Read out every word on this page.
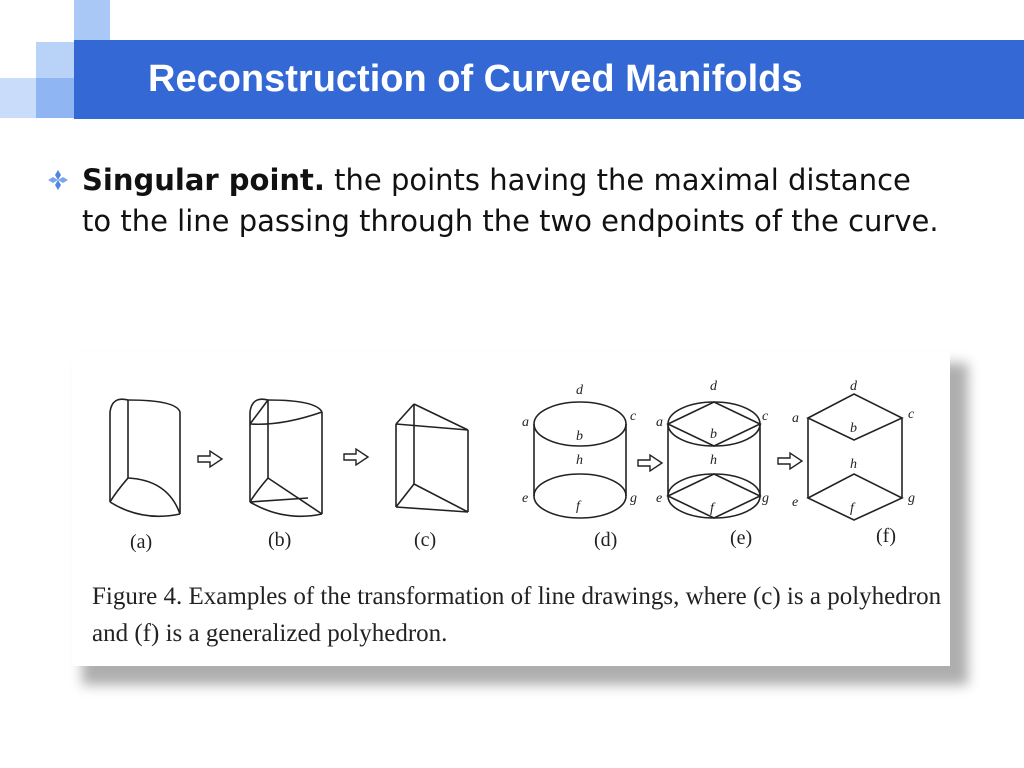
Reconstruction of Curved Manifolds

Singular point. the points having the maximal distance to the line passing through the two endpoints of the curve.

d
a	c
b
h
e	g
f
d
a	c
b
h
e	g
f
d
a	c
b
h
e	g
f
(a)	(b)	(c)	(d)	(e)	(f)

Figure 4. Examples of the transformation of line drawings, where (c) is a polyhedron and (f) is a generalized polyhedron.
